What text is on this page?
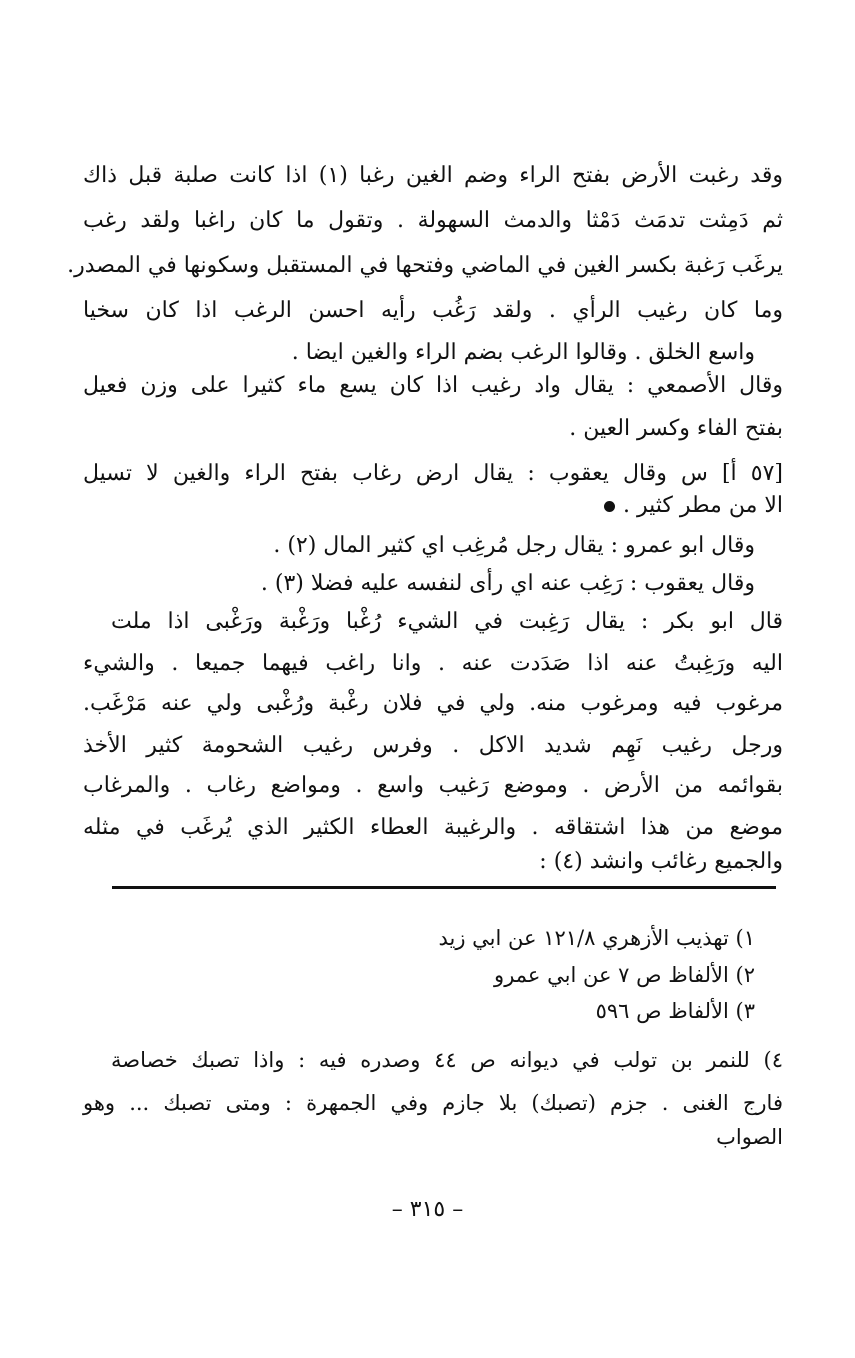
وقد رغبت الأرض بفتح الراء وضم الغين رغبا (١) اذا كانت صلبة قبل ذاك

ثم دَمِثت تدمَث دَمْثا والدمث السهولة . وتقول ما كان راغبا ولقد رغب

يرغَب رَغبة بكسر الغين في الماضي وفتحها في المستقبل وسكونها في المصدر.

وما كان رغيب الرأي . ولقد رَغُب رأيه احسن الرغب اذا كان سخيا

واسع الخلق . وقالوا الرغب بضم الراء والغين ايضا .

وقال الأصمعي : يقال واد رغيب اذا كان يسع ماء كثيرا على وزن فعيل

بفتح الفاء وكسر العين .

[٥٧ أ] س وقال يعقوب : يقال ارض رغاب بفتح الراء والغين لا تسيل

الا من مطر كثير .

وقال ابو عمرو : يقال رجل مُرغِب اي كثير المال (٢) .

وقال يعقوب : رَغِب عنه اي رأى لنفسه عليه فضلا (٣) .

قال ابو بكر : يقال رَغِبت في الشيء رُغْبا ورَغْبة ورَغْبى اذا ملت

اليه ورَغِبتُ عنه اذا صَدَدت عنه . وانا راغب فيهما جميعا . والشيء

مرغوب فيه ومرغوب منه. ولي في فلان رغْبة ورُغْبى ولي عنه مَرْغَب.

ورجل رغيب نَهِم شديد الاكل . وفرس رغيب الشحومة كثير الأخذ

بقوائمه من الأرض . وموضع رَغيب واسع . ومواضع رغاب . والمرغاب

موضع من هذا اشتقاقه . والرغيبة العطاء الكثير الذي يُرغَب في مثله

والجميع رغائب وانشد (٤) :

١) تهذيب الأزهري ١٢١/٨ عن ابي زيد

٢) الألفاظ ص ٧ عن ابي عمرو

٣) الألفاظ ص ٥٩٦

٤) للنمر بن تولب في ديوانه ص ٤٤ وصدره فيه : واذا تصبك خصاصة

فارج الغنى . جزم (تصبك) بلا جازم وفي الجمهرة : ومتى تصبك ... وهو

الصواب

– ٣١٥ –
